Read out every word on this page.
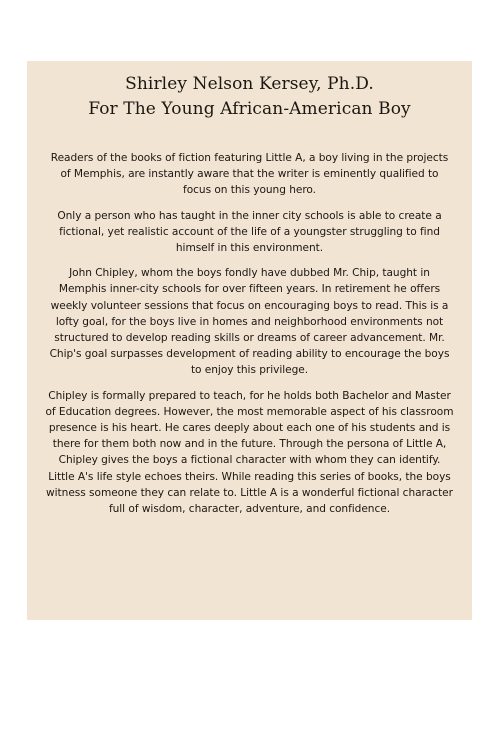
Shirley Nelson Kersey, Ph.D.
For The Young African-American Boy

Readers of the books of fiction featuring Little A, a boy living in the projects of Memphis, are instantly aware that the writer is eminently qualified to focus on this young hero.

Only a person who has taught in the inner city schools is able to create a fictional, yet realistic account of the life of a youngster struggling to find himself in this environment.

John Chipley, whom the boys fondly have dubbed Mr. Chip, taught in Memphis inner-city schools for over fifteen years. In retirement he offers weekly volunteer sessions that focus on encouraging boys to read. This is a lofty goal, for the boys live in homes and neighborhood environments not structured to develop reading skills or dreams of career advancement. Mr. Chip's goal surpasses development of reading ability to encourage the boys to enjoy this privilege.

Chipley is formally prepared to teach, for he holds both Bachelor and Master of Education degrees. However, the most memorable aspect of his classroom presence is his heart. He cares deeply about each one of his students and is there for them both now and in the future. Through the persona of Little A, Chipley gives the boys a fictional character with whom they can identify. Little A's life style echoes theirs. While reading this series of books, the boys witness someone they can relate to. Little A is a wonderful fictional character full of wisdom, character, adventure, and confidence.
